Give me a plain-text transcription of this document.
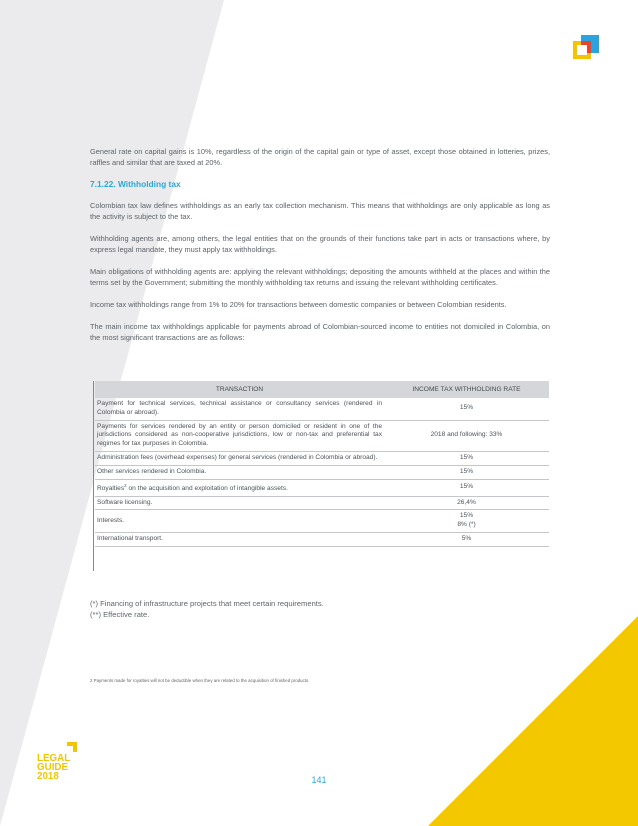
General rate on capital gains is 10%, regardless of the origin of the capital gain or type of asset, except those obtained in lotteries, prizes, raffles and similar that are taxed at 20%.

7.1.22. Withholding tax

Colombian tax law defines withholdings as an early tax collection mechanism. This means that withholdings are only applicable as long as the activity is subject to the tax.

Withholding agents are, among others, the legal entities that on the grounds of their functions take part in acts or transactions where, by express legal mandate, they must apply tax withholdings.

Main obligations of withholding agents are: applying the relevant withholdings; depositing the amounts withheld at the places and within the terms set by the Government; submitting the monthly withholding tax returns and issuing the relevant withholding certificates.

Income tax withholdings range from 1% to 20% for transactions between domestic companies or between Colombian residents.

The main income tax withholdings applicable for payments abroad of Colombian-sourced income to entities not domiciled in Colombia, on the most significant transactions are as follows:

TRANSACTION	INCOME TAX WITHHOLDING RATE
Payment for technical services, technical assistance or consultancy services (rendered in Colombia or abroad).	15%
Payments for services rendered by an entity or person domiciled or resident in one of the jurisdictions considered as non-cooperative jurisdictions, low or non-tax and preferential tax regimes for tax purposes in Colombia.	2018 and following: 33%
Administration fees (overhead expenses) for general services (rendered in Colombia or abroad).	15%
Other services rendered in Colombia.	15%
Royalties$^2$ on the acquisition and exploitation of intangible assets.	15%
Software licensing.	26,4%
Interests.	15%
8% (*)

International transport.	5%
(*) Financing of infrastructure projects that meet certain requirements.
(**) Effective rate.
2 Payments made for royalties will not be deductible when they are related to the acquisition of finished products.
LEGAL
GUIDE
2018	141
